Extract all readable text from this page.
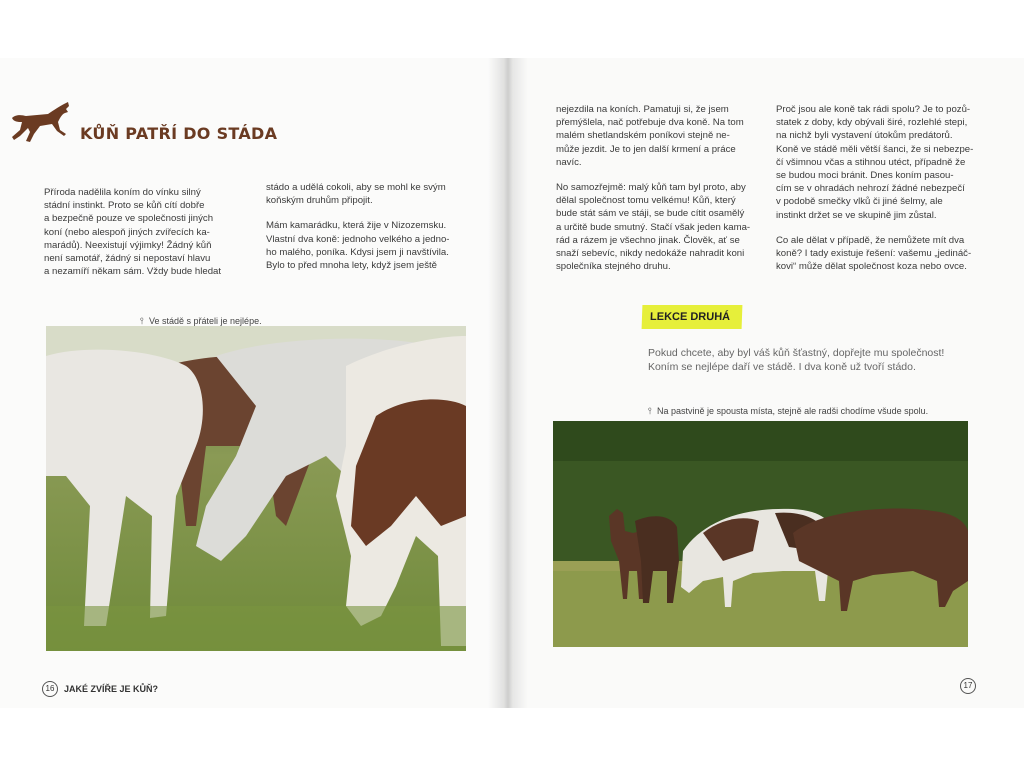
KŮŇ PATŘÍ DO STÁDA
Příroda nadělila koním do vínku silný
stádní instinkt. Proto se kůň cítí dobře
a bezpečně pouze ve společnosti jiných
koní (nebo alespoň jiných zvířecích ka-
marádů). Neexistují výjimky! Žádný kůň
není samotář, žádný si nepostaví hlavu
a nezamíří někam sám. Vždy bude hledat
stádo a udělá cokoli, aby se mohl ke svým
koňským druhům připojit.
Mám kamarádku, která žije v Nizozemsku.
Vlastní dva koně: jednoho velkého a jedno-
ho malého, poníka. Kdysi jsem ji navštívila.
Bylo to před mnoha lety, když jsem ještě
⫯ Ve stádě s přáteli je nejlépe.
16 JAKÉ ZVÍŘE JE KŮŇ?
nejezdila na koních. Pamatuji si, že jsem
přemýšlela, nač potřebuje dva koně. Na tom
malém shetlandském poníkovi stejně ne-
může jezdit. Je to jen další krmení a práce
navíc.
No samozřejmě: malý kůň tam byl proto, aby
dělal společnost tomu velkému! Kůň, který
bude stát sám ve stáji, se bude cítit osamělý
a určitě bude smutný. Stačí však jeden kama-
rád a rázem je všechno jinak. Člověk, ať se
snaží sebevíc, nikdy nedokáže nahradit koni
společníka stejného druhu.
Proč jsou ale koně tak rádi spolu? Je to pozů-
statek z doby, kdy obývali širé, rozlehlé stepi,
na nichž byli vystavení útokům predátorů.
Koně ve stádě měli větší šanci, že si nebezpe-
čí všimnou včas a stihnou utéct, případně že
se budou moci bránit. Dnes koním pasou-
cím se v ohradách nehrozí žádné nebezpečí
v podobě smečky vlků či jiné šelmy, ale
instinkt držet se ve skupině jim zůstal.
Co ale dělat v případě, že nemůžete mít dva
koně? I tady existuje řešení: vašemu „jedináč-
kovi“ může dělat společnost koza nebo ovce.
LEKCE DRUHÁ
Pokud chcete, aby byl váš kůň šťastný, dopřejte mu společnost!
Koním se nejlépe daří ve stádě. I dva koně už tvoří stádo.
⫯ Na pastvině je spousta místa, stejně ale radši chodíme všude spolu.
17
